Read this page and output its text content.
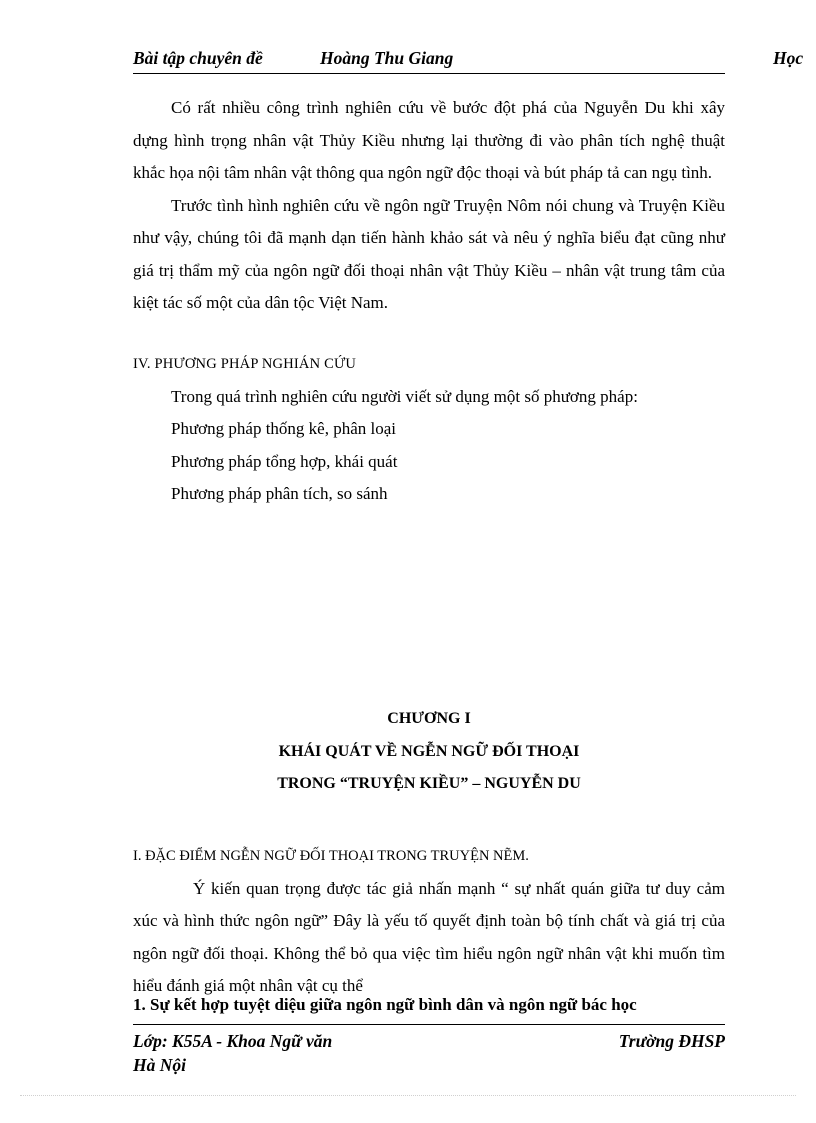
Bài tập chuyên đề	Hoàng Thu Giang	Học

Có rất nhiều công trình nghiên cứu về bước đột phá của Nguyễn Du khi xây dựng hình trọng nhân vật Thủy Kiều nhưng lại thường đi vào phân tích nghệ thuật khắc họa nội tâm nhân vật thông qua ngôn ngữ độc thoại và bút pháp tả can ngụ tình.

Trước tình hình nghiên cứu về ngôn ngữ Truyện Nôm nói chung và Truyện Kiều như vậy, chúng tôi đã mạnh dạn tiến hành khảo sát và nêu ý nghĩa biểu đạt cũng như giá trị thẩm mỹ của ngôn ngữ đối thoại nhân vật Thủy Kiều – nhân vật trung tâm của kiệt tác số một của dân tộc Việt Nam.

IV. PHƯƠNG PHÁP NGHIÁN CỨU

Trong quá trình nghiên cứu người viết sử dụng một số phương pháp:

Phương pháp thống kê, phân loại

Phương pháp tổng hợp, khái quát

Phương pháp phân tích, so sánh

CHƯƠNG I
KHÁI QUÁT VỀ NGỄN NGỮ ĐỐI THOẠI
TRONG “TRUYỆN KIỀU” – NGUYỄN DU

I. ĐẶC ĐIỂM NGỄN NGỮ ĐỐI THOẠI TRONG TRUYỆN NẼM.

Ý kiến quan trọng được tác giả nhấn mạnh “ sự nhất quán giữa tư duy cảm xúc và hình thức ngôn ngữ” Đây là yếu tố quyết định toàn bộ tính chất và giá trị của ngôn ngữ đối thoại. Không thể bỏ qua việc tìm hiểu ngôn ngữ nhân vật khi muốn tìm hiểu đánh giá một nhân vật cụ thể

1. Sự kết hợp tuyệt diệu giữa ngôn ngữ bình dân và ngôn ngữ bác học
Lớp: K55A - Khoa Ngữ văn	Trường ĐHSP
Hà Nội
